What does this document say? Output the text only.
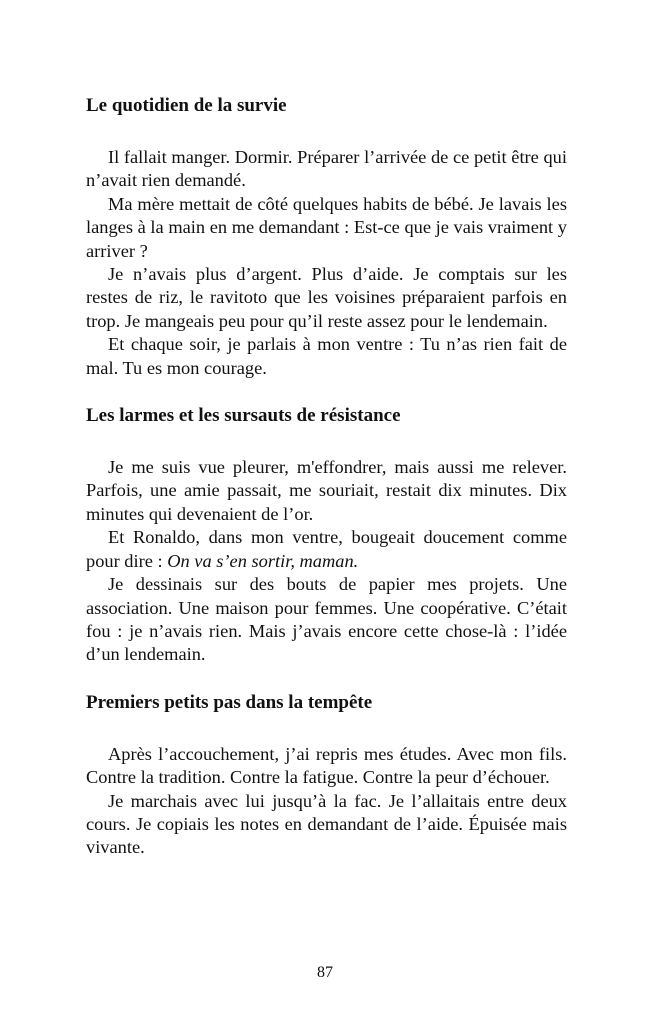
Le quotidien de la survie

Il fallait manger. Dormir. Préparer l’arrivée de ce petit être qui n’avait rien demandé.

Ma mère mettait de côté quelques habits de bébé. Je lavais les langes à la main en me demandant : Est-ce que je vais vraiment y arriver ?

Je n’avais plus d’argent. Plus d’aide. Je comptais sur les restes de riz, le ravitoto que les voisines préparaient parfois en trop. Je mangeais peu pour qu’il reste assez pour le lendemain.

Et chaque soir, je parlais à mon ventre : Tu n’as rien fait de mal. Tu es mon courage.

Les larmes et les sursauts de résistance

Je me suis vue pleurer, m'effondrer, mais aussi me relever. Parfois, une amie passait, me souriait, restait dix minutes. Dix minutes qui devenaient de l’or.

Et Ronaldo, dans mon ventre, bougeait doucement comme pour dire : On va s’en sortir, maman.

Je dessinais sur des bouts de papier mes projets. Une association. Une maison pour femmes. Une coopérative. C’était fou : je n’avais rien. Mais j’avais encore cette chose-là : l’idée d’un lendemain.

Premiers petits pas dans la tempête

Après l’accouchement, j’ai repris mes études. Avec mon fils. Contre la tradition. Contre la fatigue. Contre la peur d’échouer.

Je marchais avec lui jusqu’à la fac. Je l’allaitais entre deux cours. Je copiais les notes en demandant de l’aide. Épuisée mais vivante.

87
